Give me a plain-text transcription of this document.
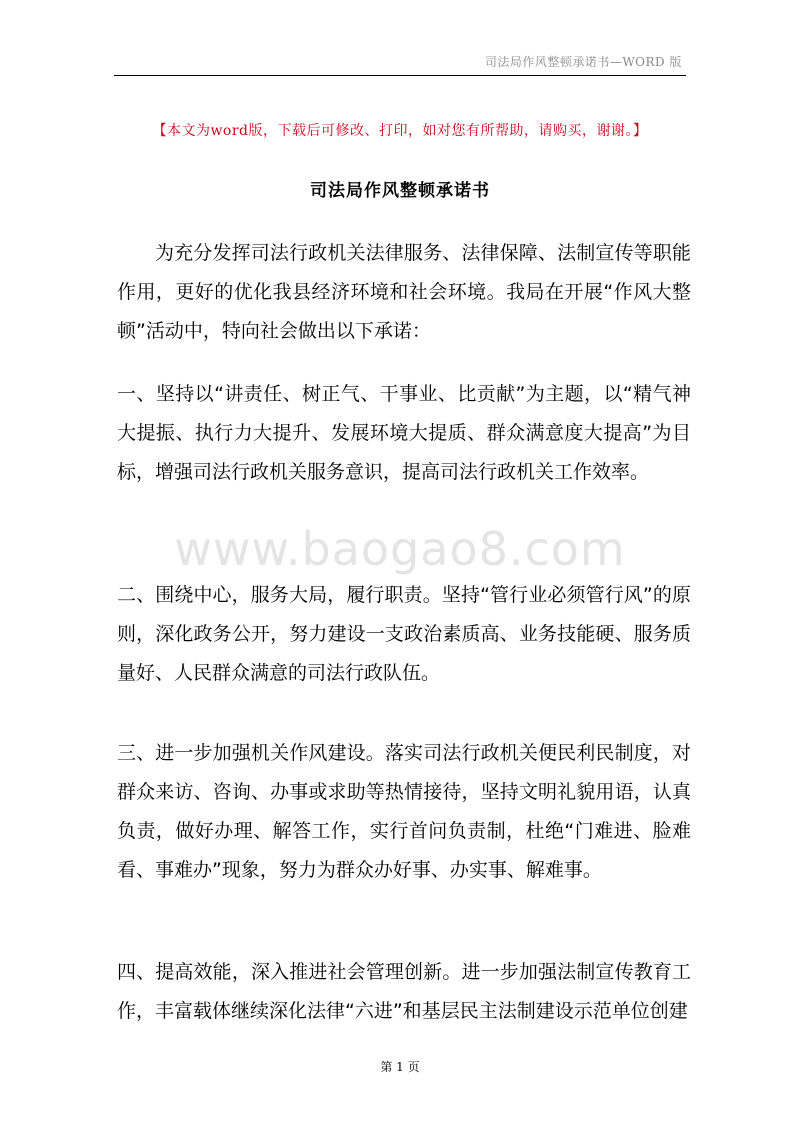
司法局作风整顿承诺书—WORD 版
【本文为word版，下载后可修改、打印，如对您有所帮助，请购买，谢谢。】
司法局作风整顿承诺书

为充分发挥司法行政机关法律服务、法律保障、法制宣传等职能作用，更好的优化我县经济环境和社会环境。我局在开展“作风大整顿”活动中，特向社会做出以下承诺：

一、坚持以“讲责任、树正气、干事业、比贡献”为主题，以“精气神大提振、执行力大提升、发展环境大提质、群众满意度大提高”为目标，增强司法行政机关服务意识，提高司法行政机关工作效率。

二、围绕中心，服务大局，履行职责。坚持“管行业必须管行风”的原则，深化政务公开，努力建设一支政治素质高、业务技能硬、服务质量好、人民群众满意的司法行政队伍。

三、进一步加强机关作风建设。落实司法行政机关便民利民制度，对群众来访、咨询、办事或求助等热情接待，坚持文明礼貌用语，认真负责，做好办理、解答工作，实行首问负责制，杜绝“门难进、脸难看、事难办”现象，努力为群众办好事、办实事、解难事。

四、提高效能，深入推进社会管理创新。进一步加强法制宣传教育工作，丰富载体继续深化法律“六进”和基层民主法制建设示范单位创建

www.baogao8.com
第 1 页
